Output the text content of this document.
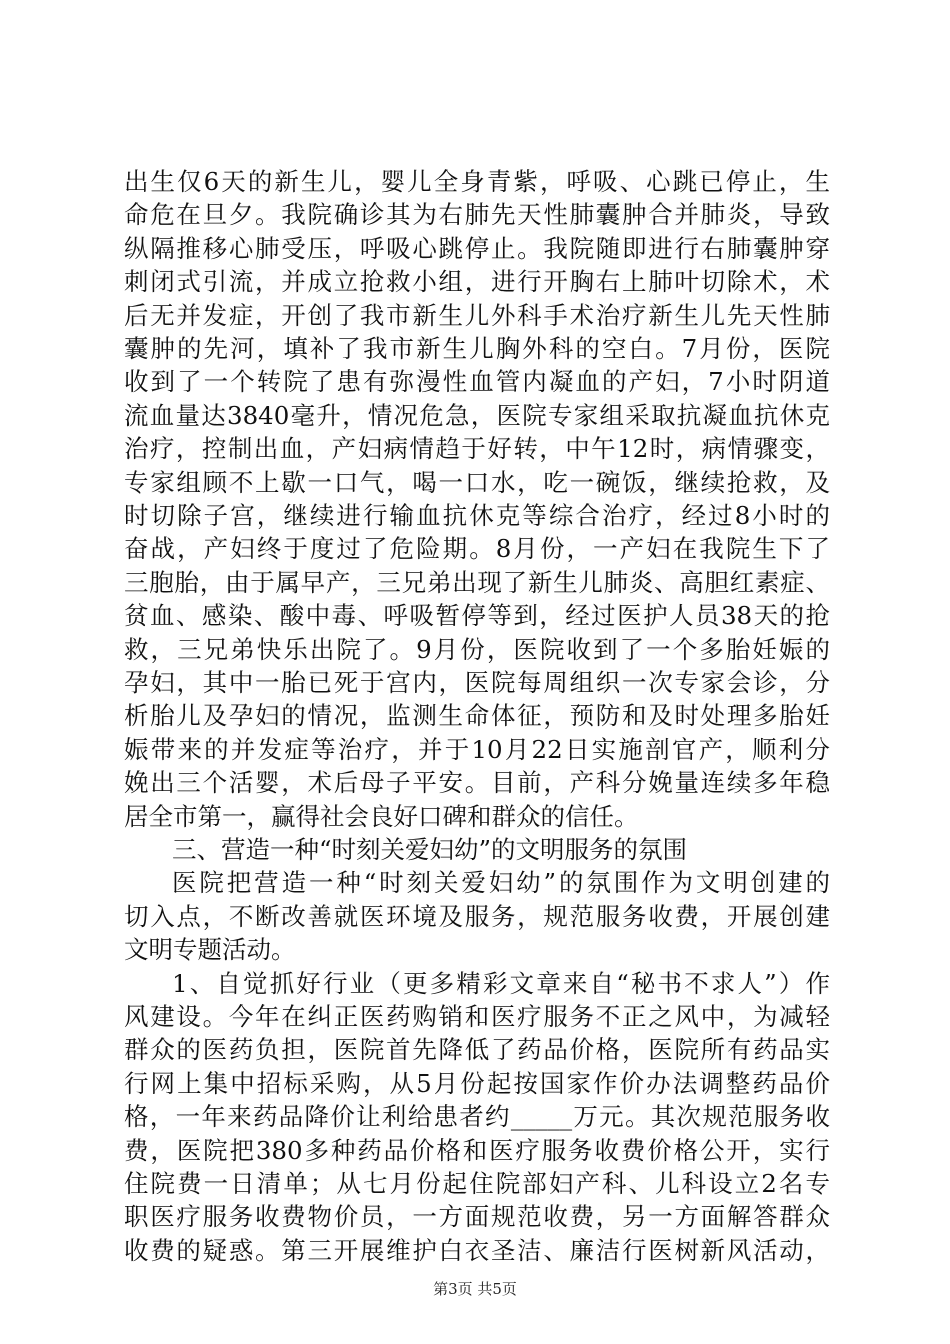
出生仅6天的新生儿，婴儿全身青紫，呼吸、心跳已停止，生
命危在旦夕。我院确诊其为右肺先天性肺囊肿合并肺炎，导致
纵隔推移心肺受压，呼吸心跳停止。我院随即进行右肺囊肿穿
刺闭式引流，并成立抢救小组，进行开胸右上肺叶切除术，术
后无并发症，开创了我市新生儿外科手术治疗新生儿先天性肺
囊肿的先河，填补了我市新生儿胸外科的空白。7月份，医院
收到了一个转院了患有弥漫性血管内凝血的产妇，7小时阴道
流血量达3840毫升，情况危急，医院专家组采取抗凝血抗休克
治疗，控制出血，产妇病情趋于好转，中午12时，病情骤变，
专家组顾不上歇一口气，喝一口水，吃一碗饭，继续抢救，及
时切除子宫，继续进行输血抗休克等综合治疗，经过8小时的
奋战，产妇终于度过了危险期。8月份，一产妇在我院生下了
三胞胎，由于属早产，三兄弟出现了新生儿肺炎、高胆红素症、
贫血、感染、酸中毒、呼吸暂停等到，经过医护人员38天的抢
救，三兄弟快乐出院了。9月份，医院收到了一个多胎妊娠的
孕妇，其中一胎已死于宫内，医院每周组织一次专家会诊，分
析胎儿及孕妇的情况，监测生命体征，预防和及时处理多胎妊
娠带来的并发症等治疗，并于10月22日实施剖官产，顺利分
娩出三个活婴，术后母子平安。目前，产科分娩量连续多年稳
居全市第一，赢得社会良好口碑和群众的信任。
三、营造一种“时刻关爱妇幼”的文明服务的氛围
医院把营造一种“时刻关爱妇幼”的氛围作为文明创建的
切入点，不断改善就医环境及服务，规范服务收费，开展创建
文明专题活动。
1、自觉抓好行业（更多精彩文章来自“秘书不求人”）作
风建设。今年在纠正医药购销和医疗服务不正之风中，为减轻
群众的医药负担，医院首先降低了药品价格，医院所有药品实
行网上集中招标采购，从5月份起按国家作价办法调整药品价
格，一年来药品降价让利给患者约_____万元。其次规范服务收
费，医院把380多种药品价格和医疗服务收费价格公开，实行
住院费一日清单；从七月份起住院部妇产科、儿科设立2名专
职医疗服务收费物价员，一方面规范收费，另一方面解答群众
收费的疑惑。第三开展维护白衣圣洁、廉洁行医树新风活动，
第3页 共5页
